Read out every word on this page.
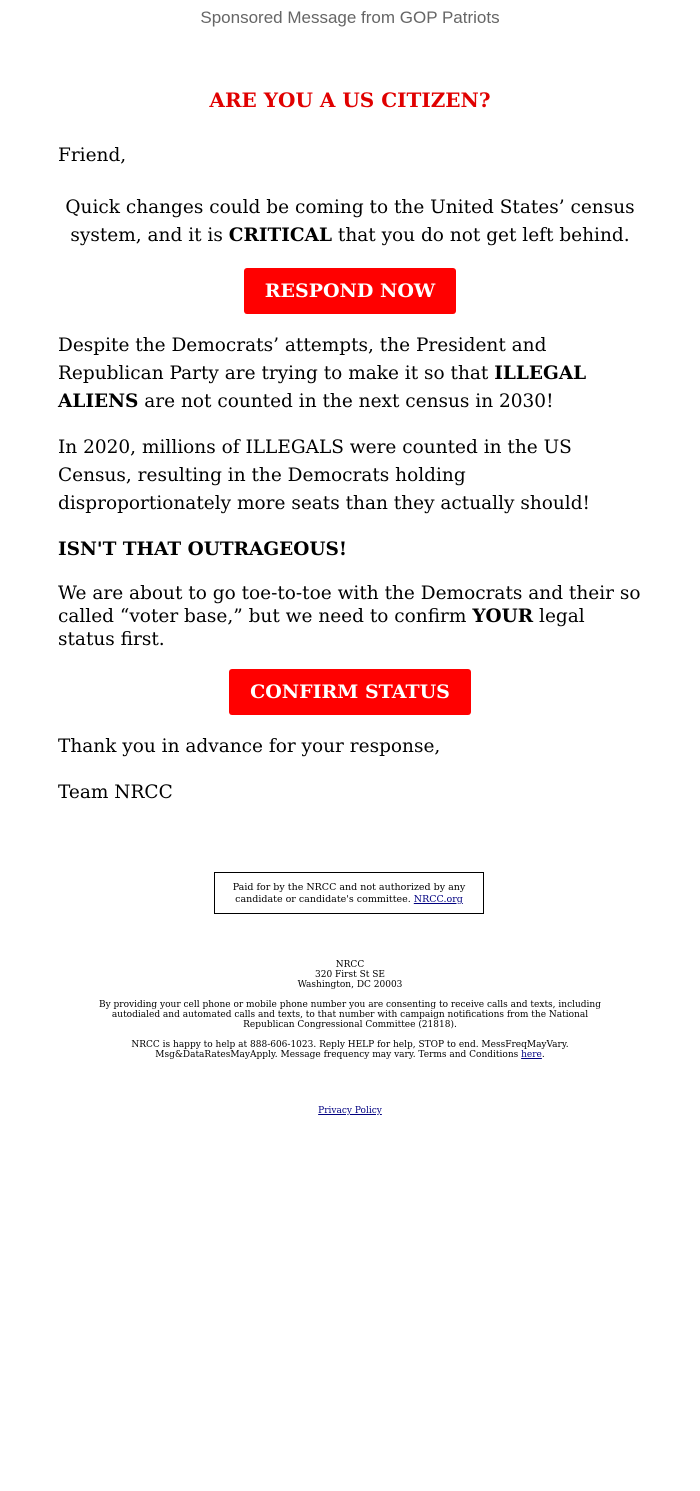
Sponsored Message from GOP Patriots
ARE YOU A US CITIZEN?

Friend,

Quick changes could be coming to the United States’ census system, and it is CRITICAL that you do not get left behind.

RESPOND NOW

Despite the Democrats’ attempts, the President and Republican Party are trying to make it so that ILLEGAL ALIENS are not counted in the next census in 2030!

In 2020, millions of ILLEGALS were counted in the US Census, resulting in the Democrats holding disproportionately more seats than they actually should!

ISN'T THAT OUTRAGEOUS!

We are about to go toe-to-toe with the Democrats and their so called “voter base,” but we need to confirm YOUR legal status first.

CONFIRM STATUS

Thank you in advance for your response,

Team NRCC

Paid for by the NRCC and not authorized by any candidate or candidate's committee. NRCC.org
NRCC
320 First St SE
Washington, DC 20003
By providing your cell phone or mobile phone number you are consenting to receive calls and texts, including autodialed and automated calls and texts, to that number with campaign notifications from the National Republican Congressional Committee (21818).
NRCC is happy to help at 888-606-1023. Reply HELP for help, STOP to end. MessFreqMayVary. Msg&DataRatesMayApply. Message frequency may vary. Terms and Conditions here.
Privacy Policy
